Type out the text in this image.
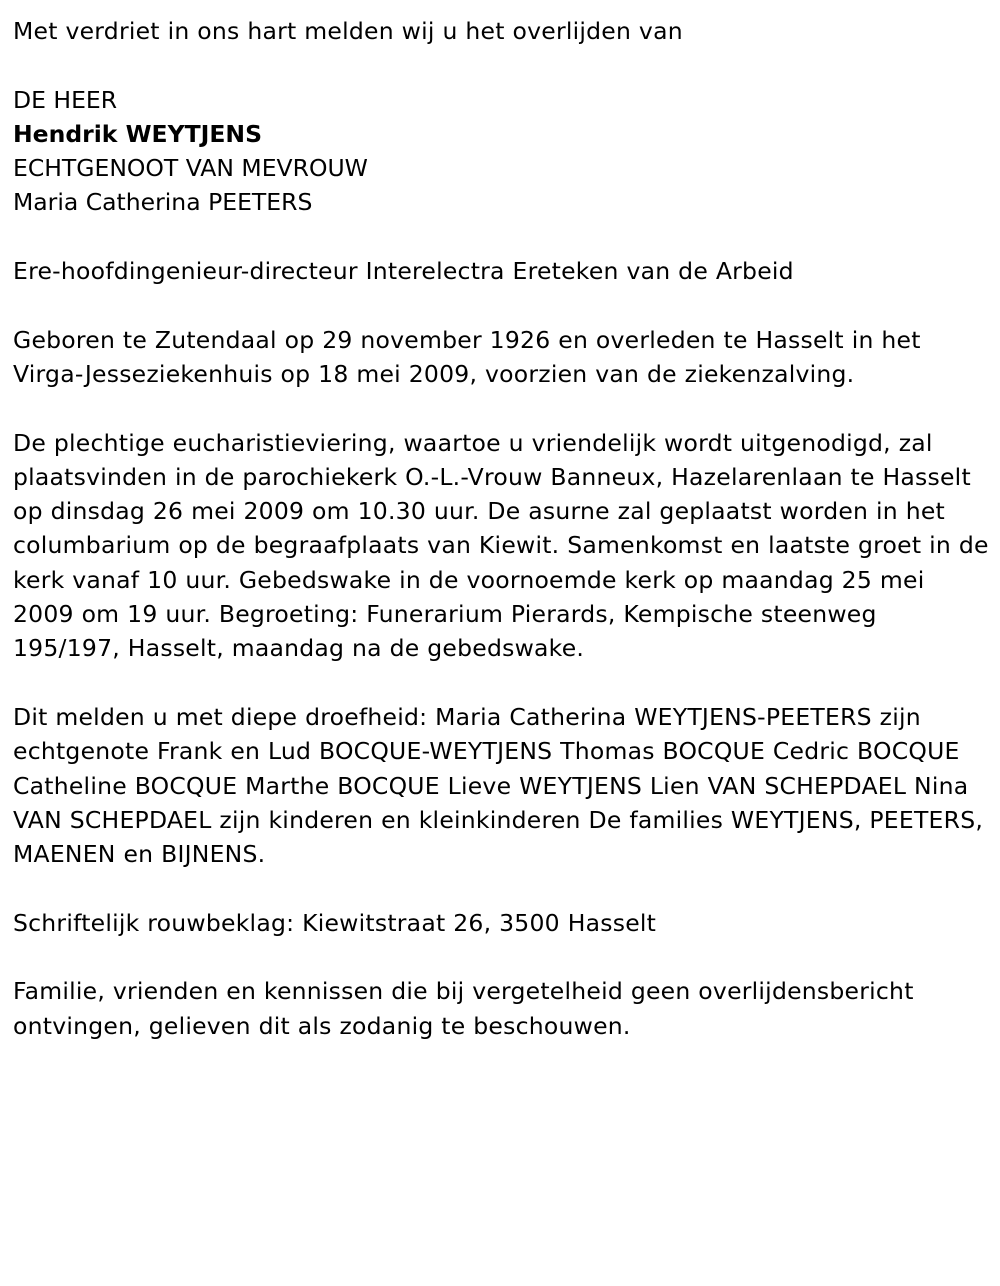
Met verdriet in ons hart melden wij u het overlijden van

DE HEER
Hendrik WEYTJENS
ECHTGENOOT VAN MEVROUW
Maria Catherina PEETERS

Ere-hoofdingenieur-directeur Interelectra Ereteken van de Arbeid

Geboren te Zutendaal op 29 november 1926 en overleden te Hasselt in het Virga-Jesseziekenhuis op 18 mei 2009, voorzien van de ziekenzalving.

De plechtige eucharistieviering, waartoe u vriendelijk wordt uitgenodigd, zal plaatsvinden in de parochiekerk O.-L.-Vrouw Banneux, Hazelarenlaan te Hasselt op dinsdag 26 mei 2009 om 10.30 uur. De asurne zal geplaatst worden in het columbarium op de begraafplaats van Kiewit. Samenkomst en laatste groet in de kerk vanaf 10 uur. Gebedswake in de voornoemde kerk op maandag 25 mei 2009 om 19 uur. Begroeting: Funerarium Pierards, Kempische steenweg 195/197, Hasselt, maandag na de gebedswake.

Dit melden u met diepe droefheid: Maria Catherina WEYTJENS-PEETERS zijn echtgenote Frank en Lud BOCQUE-WEYTJENS Thomas BOCQUE Cedric BOCQUE Catheline BOCQUE Marthe BOCQUE Lieve WEYTJENS Lien VAN SCHEPDAEL Nina VAN SCHEPDAEL zijn kinderen en kleinkinderen De families WEYTJENS, PEETERS, MAENEN en BIJNENS.

Schriftelijk rouwbeklag: Kiewitstraat 26, 3500 Hasselt

Familie, vrienden en kennissen die bij vergetelheid geen overlijdensbericht ontvingen, gelieven dit als zodanig te beschouwen.
